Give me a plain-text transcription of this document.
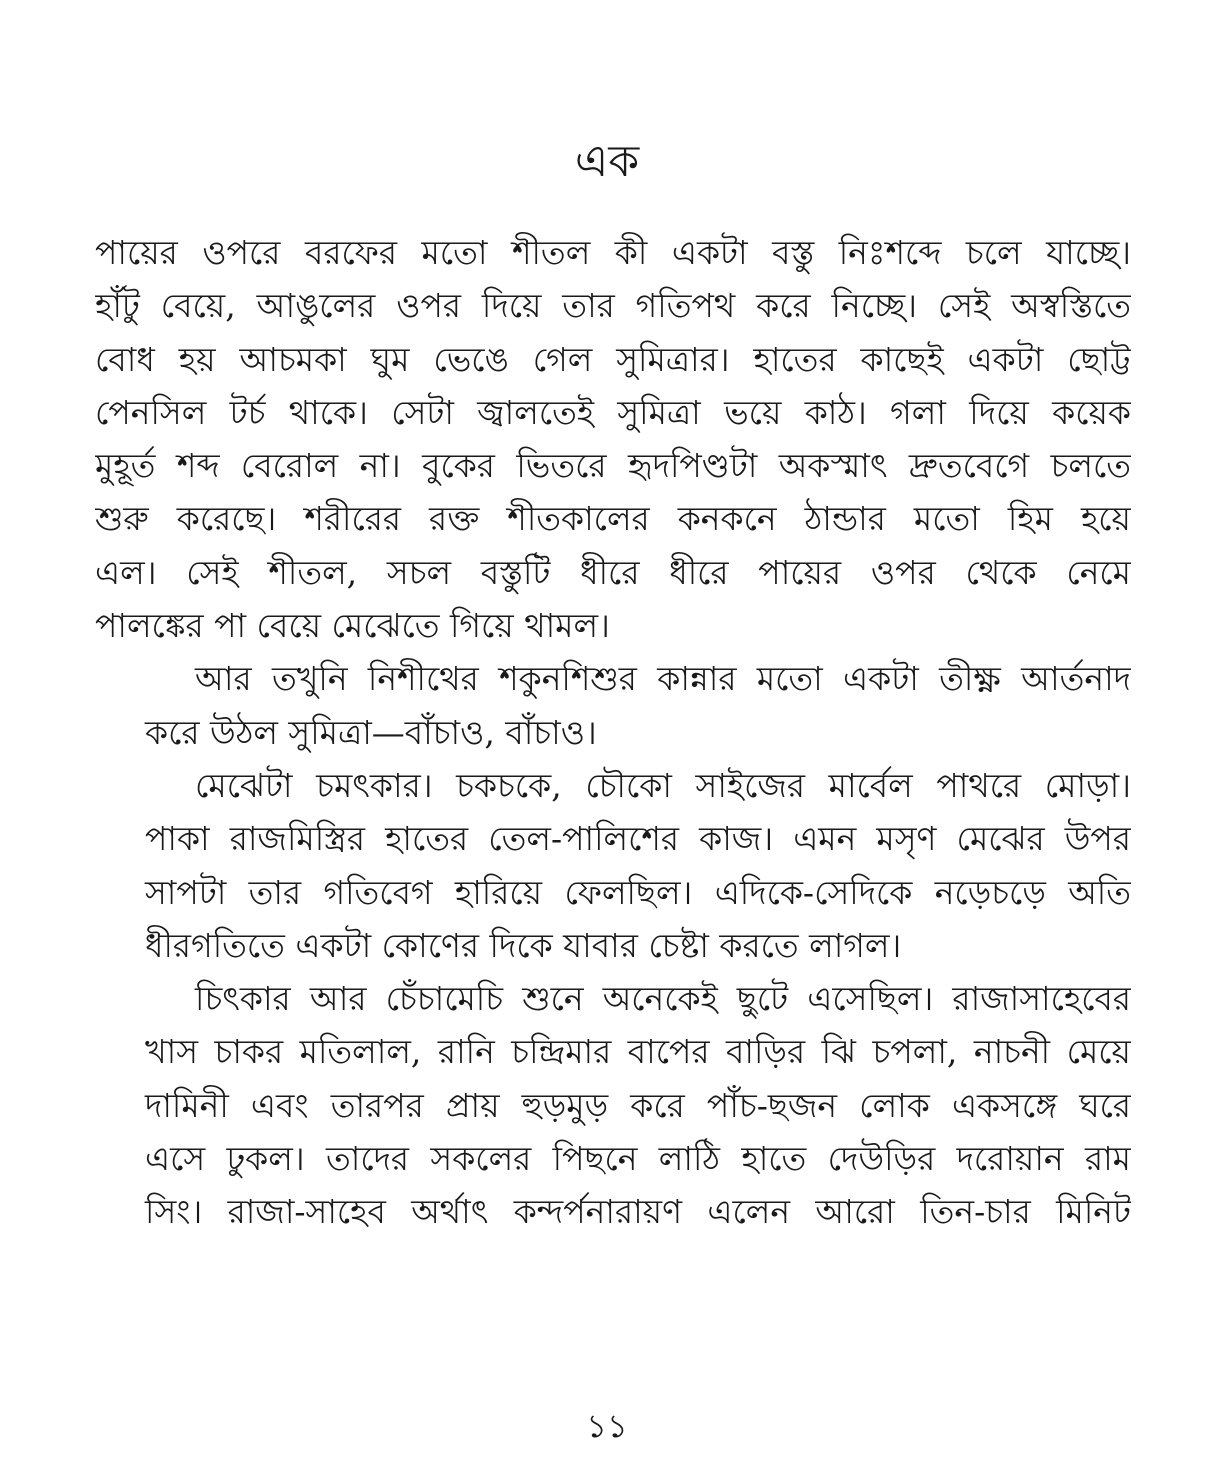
এক

পায়ের ওপরে বরফের মতো শীতল কী একটা বস্তু নিঃশব্দে চলে যাচ্ছে।
হাঁটু বেয়ে, আঙুলের ওপর দিয়ে তার গতিপথ করে নিচ্ছে। সেই অস্বস্তিতে
বোধ হয় আচমকা ঘুম ভেঙে গেল সুমিত্রার। হাতের কাছেই একটা ছোট্ট
পেনসিল টর্চ থাকে। সেটা জ্বালতেই সুমিত্রা ভয়ে কাঠ। গলা দিয়ে কয়েক
মুহূর্ত শব্দ বেরোল না। বুকের ভিতরে হৃদপিণ্ডটা অকস্মাৎ দ্রুতবেগে চলতে
শুরু করেছে। শরীরের রক্ত শীতকালের কনকনে ঠান্ডার মতো হিম হয়ে
এল। সেই শীতল, সচল বস্তুটি ধীরে ধীরে পায়ের ওপর থেকে নেমে
পালঙ্কের পা বেয়ে মেঝেতে গিয়ে থামল।

আর তখুনি নিশীথের শকুনশিশুর কান্নার মতো একটা তীক্ষ্ণ আর্তনাদ
করে উঠল সুমিত্রা—বাঁচাও, বাঁচাও।

মেঝেটা চমৎকার। চকচকে, চৌকো সাইজের মার্বেল পাথরে মোড়া।
পাকা রাজমিস্ত্রির হাতের তেল-পালিশের কাজ। এমন মসৃণ মেঝের উপর
সাপটা তার গতিবেগ হারিয়ে ফেলছিল। এদিকে-সেদিকে নড়েচড়ে অতি
ধীরগতিতে একটা কোণের দিকে যাবার চেষ্টা করতে লাগল।

চিৎকার আর চেঁচামেচি শুনে অনেকেই ছুটে এসেছিল। রাজাসাহেবের
খাস চাকর মতিলাল, রানি চন্দ্রিমার বাপের বাড়ির ঝি চপলা, নাচনী মেয়ে
দামিনী এবং তারপর প্রায় হুড়মুড় করে পাঁচ-ছজন লোক একসঙ্গে ঘরে
এসে ঢুকল। তাদের সকলের পিছনে লাঠি হাতে দেউড়ির দরোয়ান রাম
সিং। রাজা-সাহেব অর্থাৎ কন্দর্পনারায়ণ এলেন আরো তিন-চার মিনিট

১১
